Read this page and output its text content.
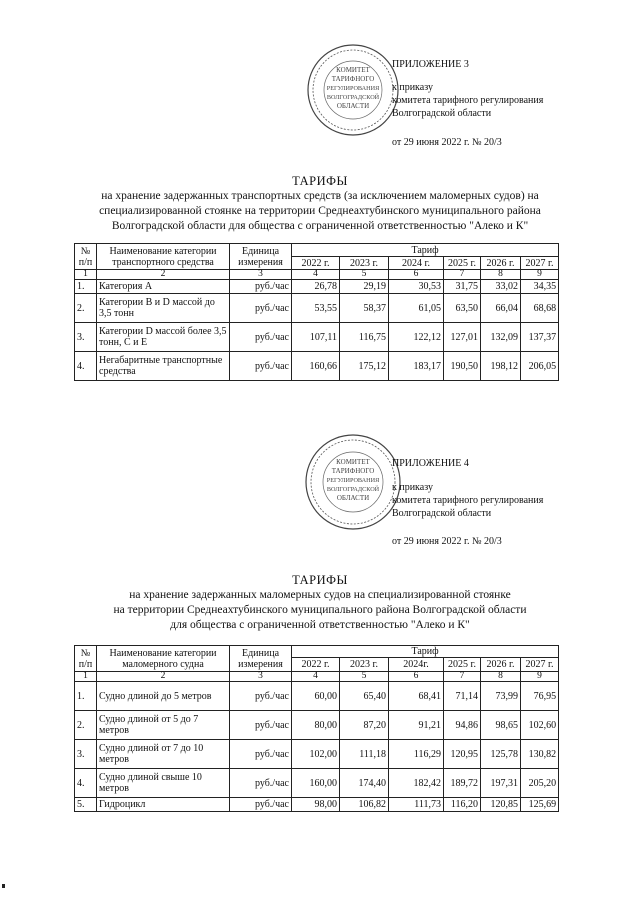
КОМИТЕТ
ТАРИФНОГО
РЕГУЛИРОВАНИЯ
ВОЛГОГРАДСКОЙ
ОБЛАСТИ
ПРИЛОЖЕНИЕ 3
к приказу
комитета тарифного регулирования
Волгоградской области
от 29 июня 2022 г. № 20/3
ТАРИФЫ
на хранение задержанных транспортных средств (за исключением маломерных судов) на
специализированной стоянке на территории Среднеахтубинского муниципального района
Волгоградской области для общества с ограниченной ответственностью "Алеко и К"
№ п/п	Наименование категории транспортного средства	Единица измерения	Тариф					
			2022 г.	2023 г.	2024 г.	2025 г.	2026 г.	2027 г.
1	2	3	4	5	6	7	8	9
1.	Категория А	руб./час	26,78	29,19	30,53	31,75	33,02	34,35
2.	Категории B и D массой до 3,5 тонн	руб./час	53,55	58,37	61,05	63,50	66,04	68,68
3.	Категории D массой более 3,5 тонн, С и Е	руб./час	107,11	116,75	122,12	127,01	132,09	137,37
4.	Негабаритные транспортные средства	руб./час	160,66	175,12	183,17	190,50	198,12	206,05
КОМИТЕТ
ТАРИФНОГО
РЕГУЛИРОВАНИЯ
ВОЛГОГРАДСКОЙ
ОБЛАСТИ
ПРИЛОЖЕНИЕ 4
к приказу
комитета тарифного регулирования
Волгоградской области
от 29 июня 2022 г. № 20/3
ТАРИФЫ
на хранение задержанных маломерных судов на специализированной стоянке
на территории Среднеахтубинского муниципального района Волгоградской области
для общества с ограниченной ответственностью "Алеко и К"
№ п/п	Наименование категории маломерного судна	Единица измерения	Тариф					
			2022 г.	2023 г.	2024г.	2025 г.	2026 г.	2027 г.
1	2	3	4	5	6	7	8	9
1.	Судно длиной до 5 метров	руб./час	60,00	65,40	68,41	71,14	73,99	76,95
2.	Судно длиной от 5 до 7 метров	руб./час	80,00	87,20	91,21	94,86	98,65	102,60
3.	Судно длиной от 7 до 10 метров	руб./час	102,00	111,18	116,29	120,95	125,78	130,82
4.	Судно длиной свыше 10 метров	руб./час	160,00	174,40	182,42	189,72	197,31	205,20
5.	Гидроцикл	руб./час	98,00	106,82	111,73	116,20	120,85	125,69
